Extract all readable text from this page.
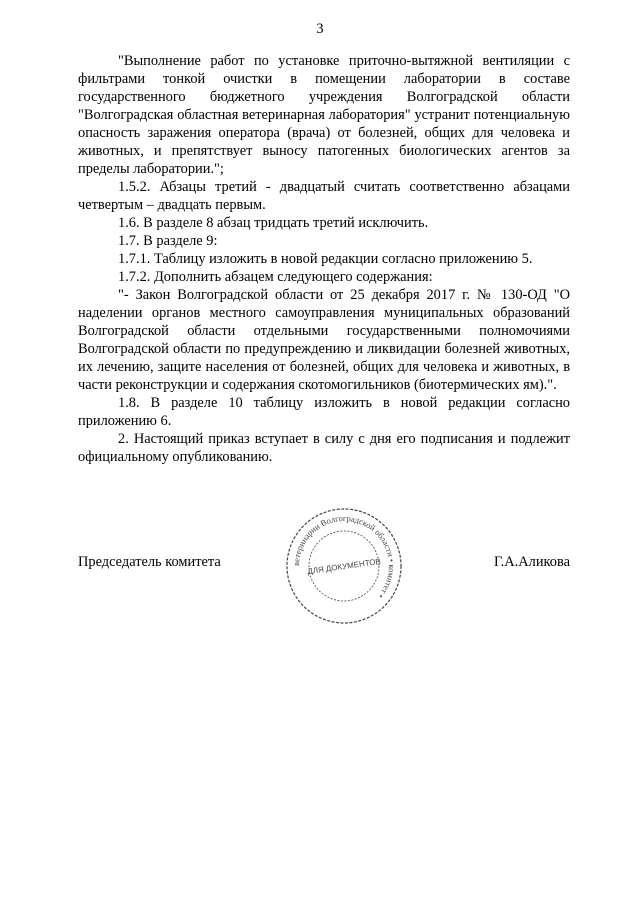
3

"Выполнение работ по установке приточно-вытяжной вентиляции с фильтрами тонкой очистки в помещении лаборатории в составе государственного бюджетного учреждения Волгоградской области "Волгоградская областная ветеринарная лаборатория" устранит потенциальную опасность заражения оператора (врача) от болезней, общих для человека и животных, и препятствует выносу патогенных биологических агентов за пределы лаборатории.";

1.5.2. Абзацы третий - двадцатый считать соответственно абзацами четвертым – двадцать первым.

1.6. В разделе 8 абзац тридцать третий исключить.

1.7. В разделе 9:

1.7.1. Таблицу изложить в новой редакции согласно приложению 5.

1.7.2. Дополнить абзацем следующего содержания:

"- Закон Волгоградской области от 25 декабря 2017 г. № 130-ОД "О наделении органов местного самоуправления муниципальных образований Волгоградской области отдельными государственными полномочиями Волгоградской области по предупреждению и ликвидации болезней животных, их лечению, защите населения от болезней, общих для человека и животных, в части реконструкции и содержания скотомогильников (биотермических ям).".

1.8. В разделе 10 таблицу изложить в новой редакции согласно приложению 6.

2. Настоящий приказ вступает в силу с дня его подписания и подлежит официальному опубликованию.

Председатель комитета	Г.А.Аликова
ветеринарии Волгоградской области • комитет •
ДЛЯ ДОКУМЕНТОВ
